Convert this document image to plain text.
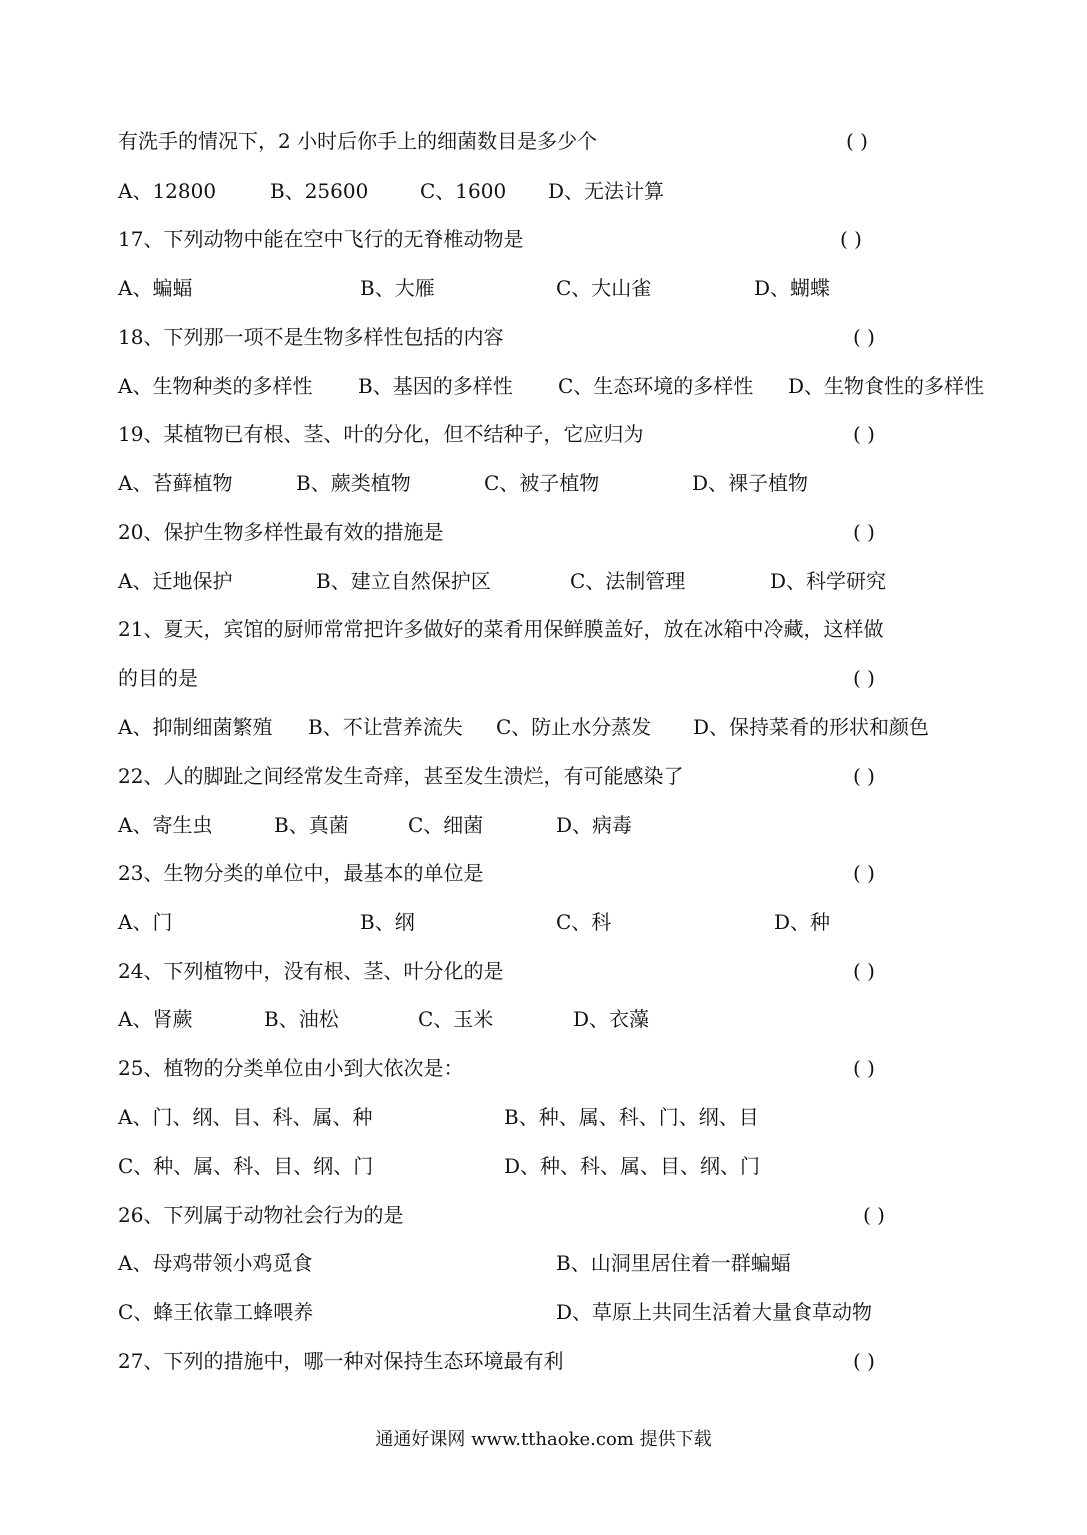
有洗手的情况下，2 小时后你手上的细菌数目是多少个	( )
A、12800	B、25600	C、1600 D、无法计算
17、下列动物中能在空中飞行的无脊椎动物是	( )
A、蝙蝠	B、大雁	C、大山雀	D、蝴蝶
18、下列那一项不是生物多样性包括的内容	( )
A、生物种类的多样性 B、基因的多样性 C、生态环境的多样性 D、生物食性的多样性
19、某植物已有根、茎、叶的分化，但不结种子，它应归为	( )
A、苔藓植物	B、蕨类植物	C、被子植物	D、裸子植物
20、保护生物多样性最有效的措施是	( )
A、迁地保护	B、建立自然保护区	C、法制管理	D、科学研究
21、夏天，宾馆的厨师常常把许多做好的菜肴用保鲜膜盖好，放在冰箱中冷藏，这样做
的目的是	( )
A、抑制细菌繁殖 B、不让营养流失 C、防止水分蒸发 D、保持菜肴的形状和颜色
22、人的脚趾之间经常发生奇痒，甚至发生溃烂，有可能感染了	( )
A、寄生虫	B、真菌	C、细菌	D、病毒
23、生物分类的单位中，最基本的单位是	( )
A、门	B、纲	C、科	D、种
24、下列植物中，没有根、茎、叶分化的是	( )
A、肾蕨	B、油松	C、玉米	D、衣藻
25、植物的分类单位由小到大依次是：	( )
A、门、纲、目、科、属、种	B、种、属、科、门、纲、目
C、种、属、科、目、纲、门	D、种、科、属、目、纲、门
26、下列属于动物社会行为的是	( )
A、母鸡带领小鸡觅食	B、山洞里居住着一群蝙蝠
C、蜂王依靠工蜂喂养	D、草原上共同生活着大量食草动物
27、下列的措施中，哪一种对保持生态环境最有利	( )
通通好课网 www.tthaoke.com 提供下载
